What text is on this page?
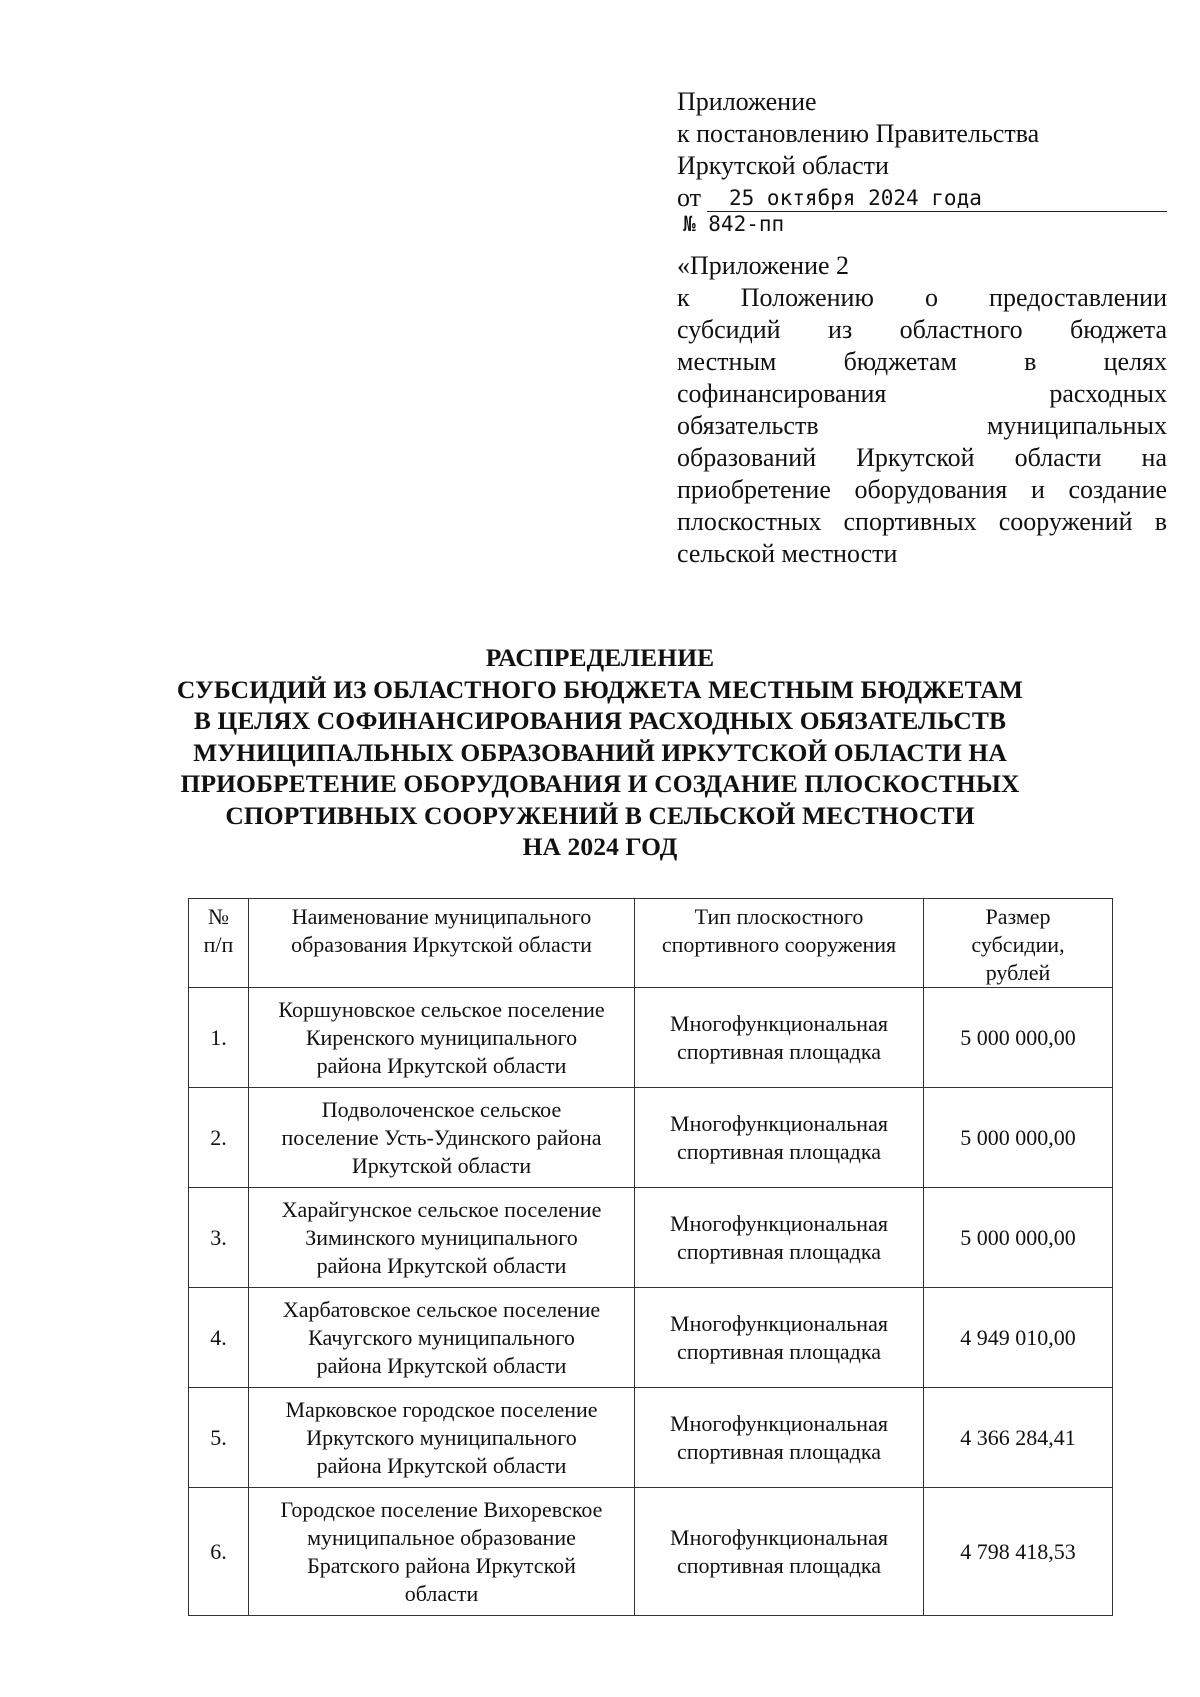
Приложение
к постановлению Правительства
Иркутской области
от	25 октября 2024 года
№ 842-пп
«Приложение 2
к Положению о предоставлении
субсидий из областного бюджета
местным бюджетам в целях
софинансирования расходных
обязательств муниципальных
образований Иркутской области на
приобретение оборудования и создание
плоскостных спортивных сооружений в
сельской местности
РАСПРЕДЕЛЕНИЕ
СУБСИДИЙ ИЗ ОБЛАСТНОГО БЮДЖЕТА МЕСТНЫМ БЮДЖЕТАМ
В ЦЕЛЯХ СОФИНАНСИРОВАНИЯ РАСХОДНЫХ ОБЯЗАТЕЛЬСТВ
МУНИЦИПАЛЬНЫХ ОБРАЗОВАНИЙ ИРКУТСКОЙ ОБЛАСТИ НА
ПРИОБРЕТЕНИЕ ОБОРУДОВАНИЯ И СОЗДАНИЕ ПЛОСКОСТНЫХ
СПОРТИВНЫХ СООРУЖЕНИЙ В СЕЛЬСКОЙ МЕСТНОСТИ
НА 2024 ГОД
№
п/п	Наименование муниципального
образования Иркутской области	Тип плоскостного
спортивного сооружения	Размер
субсидии,
рублей

1.	Коршуновское сельское поселение
Киренского муниципального
района Иркутской области	Многофункциональная
спортивная площадка	5 000 000,00
2.	Подволоченское сельское
поселение Усть-Удинского района
Иркутской области	Многофункциональная
спортивная площадка	5 000 000,00
3.	Харайгунское сельское поселение
Зиминского муниципального
района Иркутской области	Многофункциональная
спортивная площадка	5 000 000,00
4.	Харбатовское сельское поселение
Качугского муниципального
района Иркутской области	Многофункциональная
спортивная площадка	4 949 010,00
5.	Марковское городское поселение
Иркутского муниципального
района Иркутской области	Многофункциональная
спортивная площадка	4 366 284,41
6.	Городское поселение Вихоревское
муниципальное образование
Братского района Иркутской
области	Многофункциональная
спортивная площадка	4 798 418,53
